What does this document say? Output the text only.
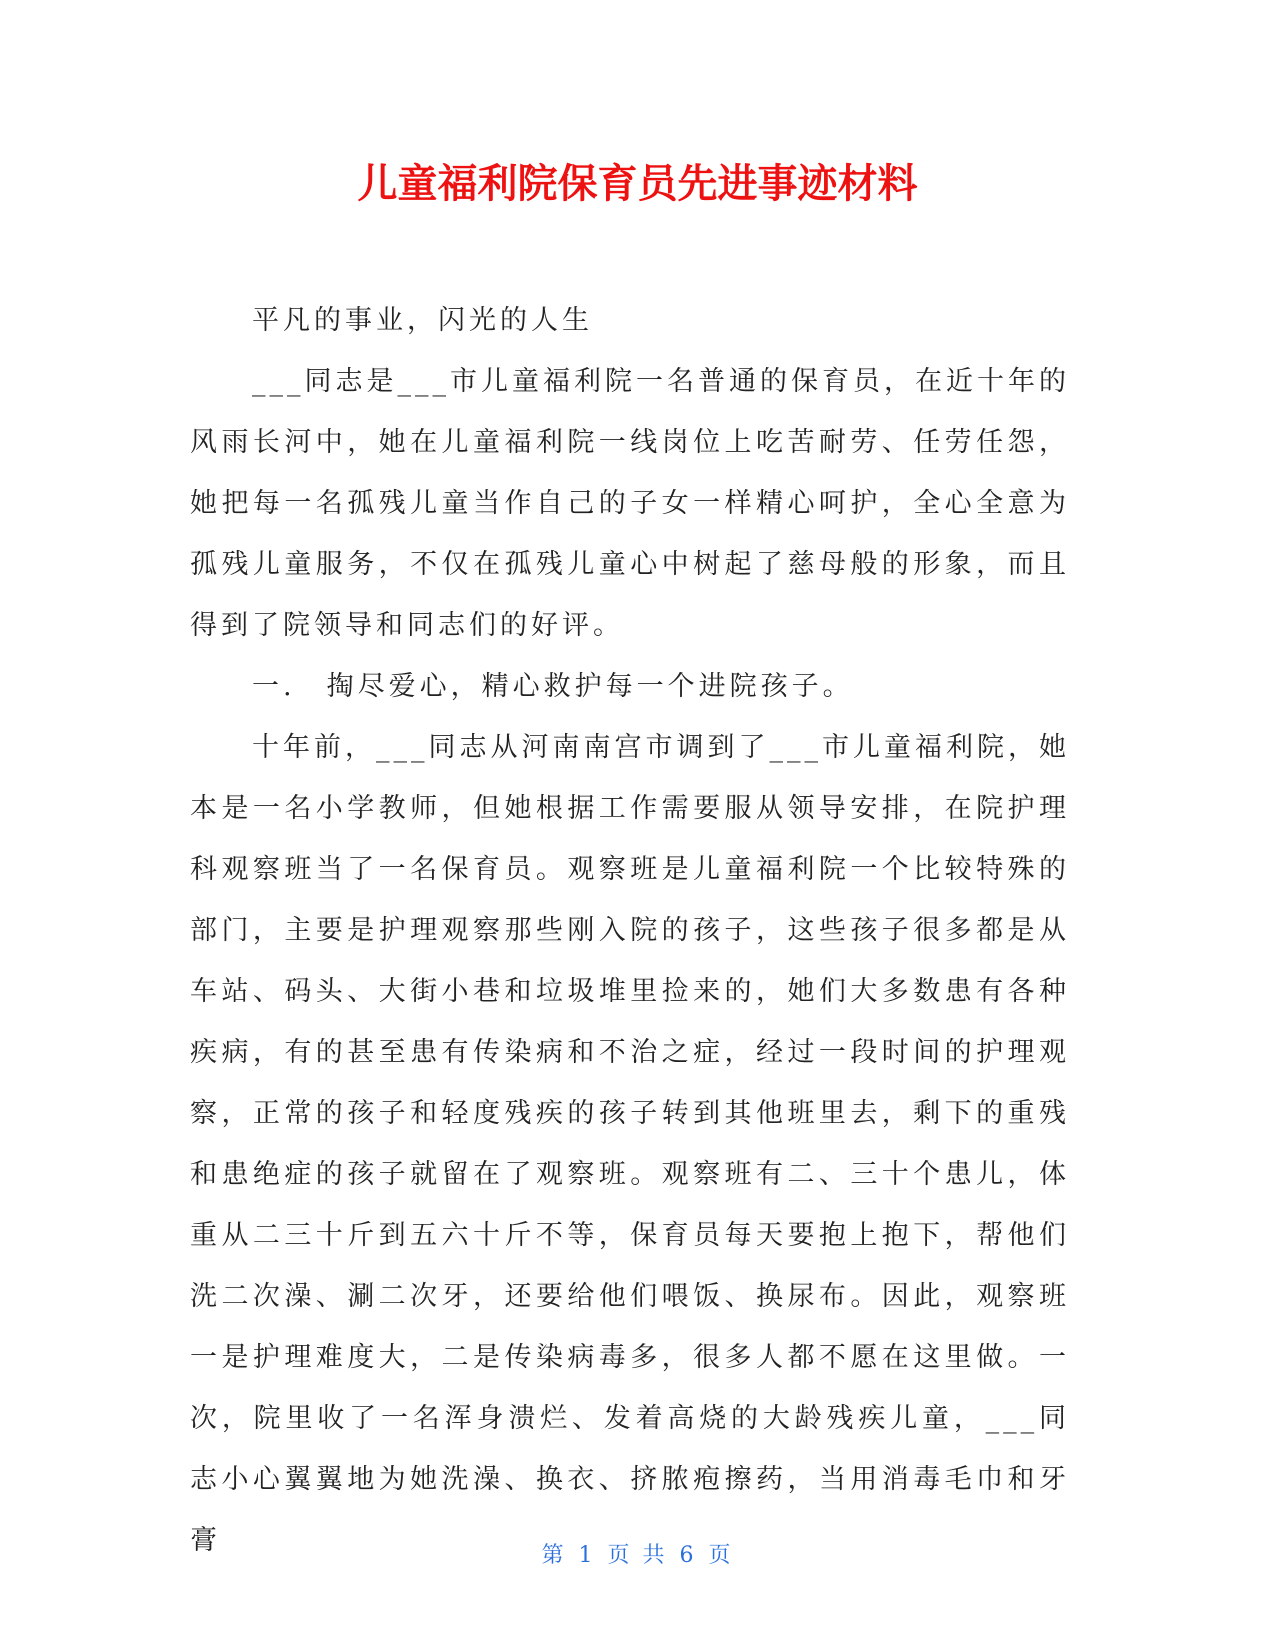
儿童福利院保育员先进事迹材料

平凡的事业，闪光的人生

___同志是___市儿童福利院一名普通的保育员，在近十年的风雨长河中，她在儿童福利院一线岗位上吃苦耐劳、任劳任怨，她把每一名孤残儿童当作自己的子女一样精心呵护，全心全意为孤残儿童服务，不仅在孤残儿童心中树起了慈母般的形象，而且得到了院领导和同志们的好评。

一.　掏尽爱心，精心救护每一个进院孩子。

十年前，___同志从河南南宫市调到了___市儿童福利院，她本是一名小学教师，但她根据工作需要服从领导安排，在院护理科观察班当了一名保育员。观察班是儿童福利院一个比较特殊的部门，主要是护理观察那些刚入院的孩子，这些孩子很多都是从车站、码头、大街小巷和垃圾堆里捡来的，她们大多数患有各种疾病，有的甚至患有传染病和不治之症，经过一段时间的护理观察，正常的孩子和轻度残疾的孩子转到其他班里去，剩下的重残和患绝症的孩子就留在了观察班。观察班有二、三十个患儿，体重从二三十斤到五六十斤不等，保育员每天要抱上抱下，帮他们洗二次澡、涮二次牙，还要给他们喂饭、换尿布。因此，观察班一是护理难度大，二是传染病毒多，很多人都不愿在这里做。一次，院里收了一名浑身溃烂、发着高烧的大龄残疾儿童，___同志小心翼翼地为她洗澡、换衣、挤脓疱擦药，当用消毒毛巾和牙膏	第 1 页 共 6 页
